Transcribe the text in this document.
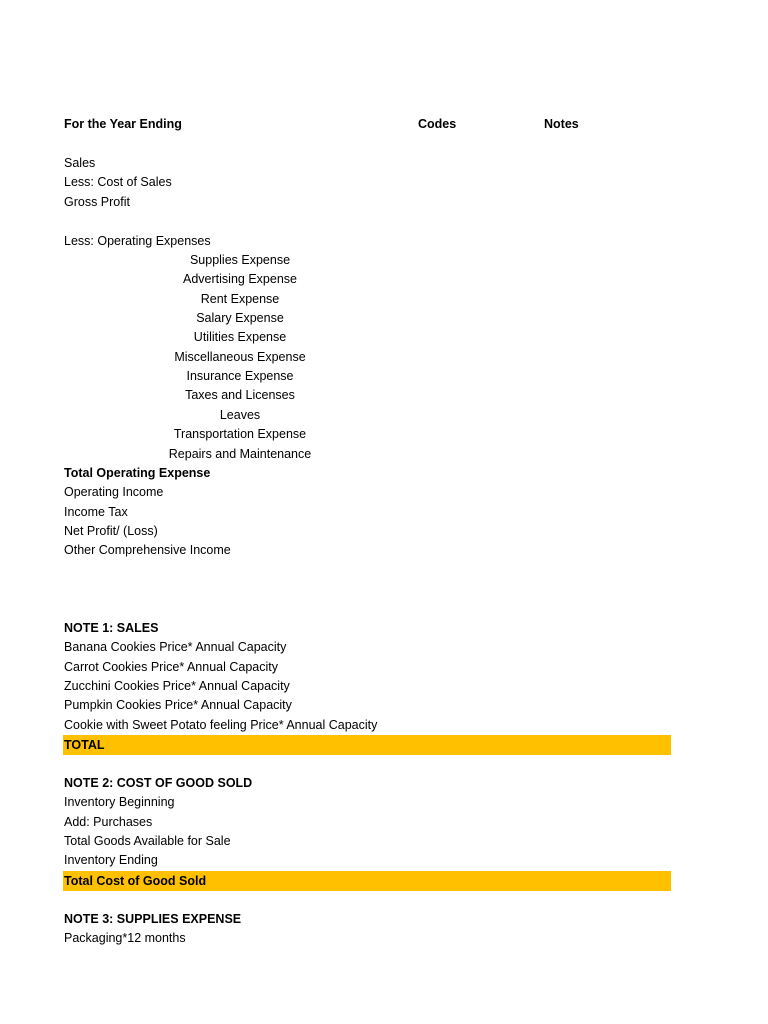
For the Year Ending	Codes	Notes
Sales
Less: Cost of Sales
Gross Profit
Less: Operating Expenses
Supplies Expense
Advertising Expense
Rent Expense
Salary Expense
Utilities Expense
Miscellaneous Expense
Insurance Expense
Taxes and Licenses
Leaves
Transportation Expense
Repairs and Maintenance
Total Operating Expense
Operating Income
Income Tax
Net Profit/ (Loss)
Other Comprehensive Income
NOTE 1: SALES
Banana Cookies Price* Annual Capacity
Carrot Cookies Price* Annual Capacity
Zucchini Cookies Price* Annual Capacity
Pumpkin Cookies Price* Annual Capacity
Cookie with Sweet Potato feeling Price* Annual Capacity
TOTAL
NOTE 2: COST OF GOOD SOLD
Inventory Beginning
Add: Purchases
Total Goods Available for Sale
Inventory Ending
Total Cost of Good Sold
NOTE 3: SUPPLIES EXPENSE
Packaging*12 months
